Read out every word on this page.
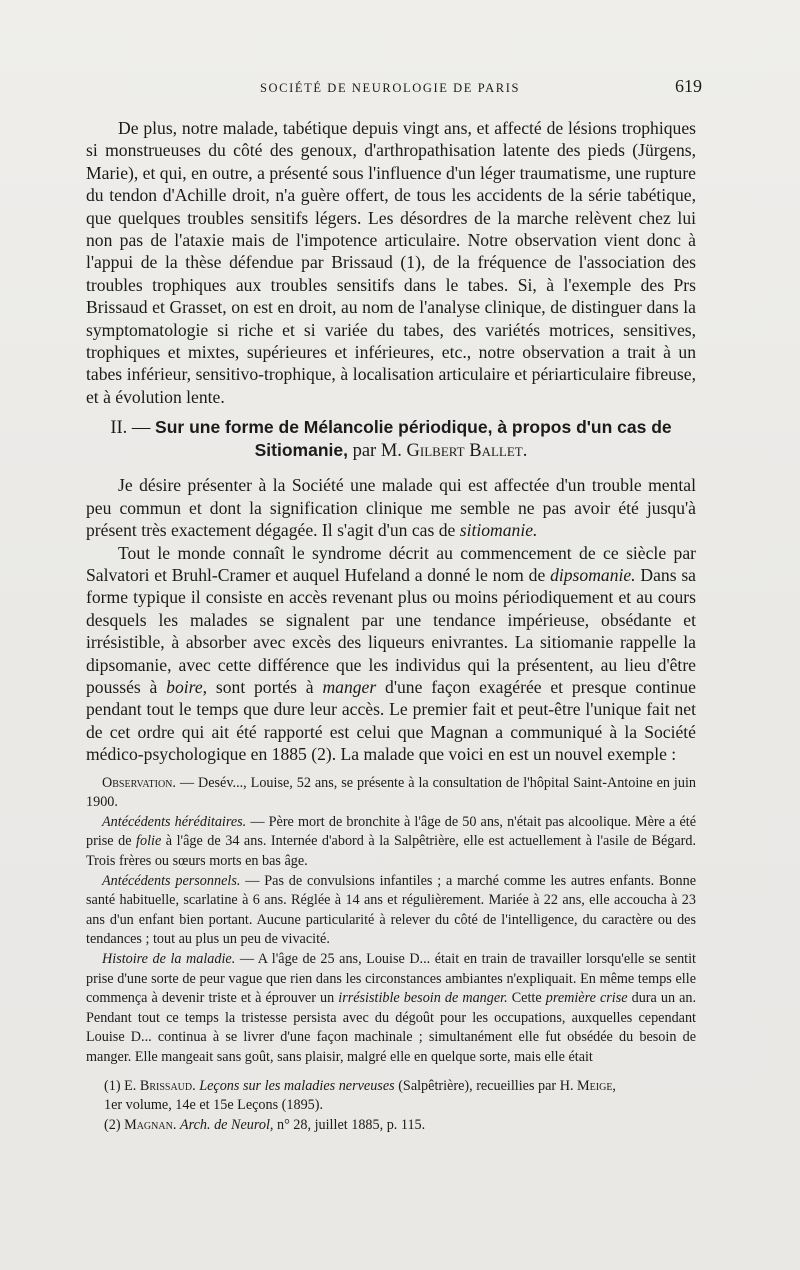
SOCIÉTÉ DE NEUROLOGIE DE PARIS	619

De plus, notre malade, tabétique depuis vingt ans, et affecté de lésions trophiques si monstrueuses du côté des genoux, d'arthropathisation latente des pieds (Jürgens, Marie), et qui, en outre, a présenté sous l'influence d'un léger traumatisme, une rupture du tendon d'Achille droit, n'a guère offert, de tous les accidents de la série tabétique, que quelques troubles sensitifs légers. Les désordres de la marche relèvent chez lui non pas de l'ataxie mais de l'impotence articulaire. Notre observation vient donc à l'appui de la thèse défendue par Brissaud (1), de la fréquence de l'association des troubles trophiques aux troubles sensitifs dans le tabes. Si, à l'exemple des Prs Brissaud et Grasset, on est en droit, au nom de l'analyse clinique, de distinguer dans la symptomatologie si riche et si variée du tabes, des variétés motrices, sensitives, trophiques et mixtes, supérieures et inférieures, etc., notre observation a trait à un tabes inférieur, sensitivo-trophique, à localisation articulaire et périarticulaire fibreuse, et à évolution lente.

II. — Sur une forme de Mélancolie périodique, à propos d'un cas de Sitiomanie, par M. Gilbert Ballet.

Je désire présenter à la Société une malade qui est affectée d'un trouble mental peu commun et dont la signification clinique me semble ne pas avoir été jusqu'à présent très exactement dégagée. Il s'agit d'un cas de sitiomanie.

Tout le monde connaît le syndrome décrit au commencement de ce siècle par Salvatori et Bruhl-Cramer et auquel Hufeland a donné le nom de dipsomanie. Dans sa forme typique il consiste en accès revenant plus ou moins périodiquement et au cours desquels les malades se signalent par une tendance impérieuse, obsédante et irrésistible, à absorber avec excès des liqueurs enivrantes. La sitiomanie rappelle la dipsomanie, avec cette différence que les individus qui la présentent, au lieu d'être poussés à boire, sont portés à manger d'une façon exagérée et presque continue pendant tout le temps que dure leur accès. Le premier fait et peut-être l'unique fait net de cet ordre qui ait été rapporté est celui que Magnan a communiqué à la Société médico-psychologique en 1885 (2). La malade que voici en est un nouvel exemple :

Observation. — Desév..., Louise, 52 ans, se présente à la consultation de l'hôpital Saint-Antoine en juin 1900.

Antécédents héréditaires. — Père mort de bronchite à l'âge de 50 ans, n'était pas alcoolique. Mère a été prise de folie à l'âge de 34 ans. Internée d'abord à la Salpêtrière, elle est actuellement à l'asile de Bégard. Trois frères ou sœurs morts en bas âge.

Antécédents personnels. — Pas de convulsions infantiles ; a marché comme les autres enfants. Bonne santé habituelle, scarlatine à 6 ans. Réglée à 14 ans et régulièrement. Mariée à 22 ans, elle accoucha à 23 ans d'un enfant bien portant. Aucune particularité à relever du côté de l'intelligence, du caractère ou des tendances ; tout au plus un peu de vivacité.

Histoire de la maladie. — A l'âge de 25 ans, Louise D... était en train de travailler lorsqu'elle se sentit prise d'une sorte de peur vague que rien dans les circonstances ambiantes n'expliquait. En même temps elle commença à devenir triste et à éprouver un irrésistible besoin de manger. Cette première crise dura un an. Pendant tout ce temps la tristesse persista avec du dégoût pour les occupations, auxquelles cependant Louise D... continua à se livrer d'une façon machinale ; simultanément elle fut obsédée du besoin de manger. Elle mangeait sans goût, sans plaisir, malgré elle en quelque sorte, mais elle était

(1) E. Brissaud. Leçons sur les maladies nerveuses (Salpêtrière), recueillies par H. Meige,

1er volume, 14e et 15e Leçons (1895).

(2) Magnan. Arch. de Neurol, n° 28, juillet 1885, p. 115.
